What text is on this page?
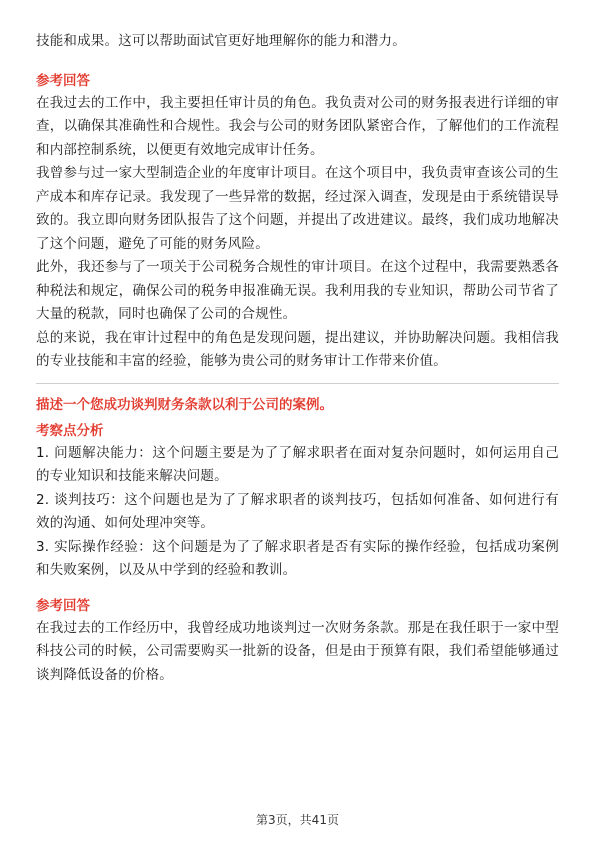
技能和成果。这可以帮助面试官更好地理解你的能力和潜力。

参考回答

在我过去的工作中，我主要担任审计员的角色。我负责对公司的财务报表进行详细的审查，以确保其准确性和合规性。我会与公司的财务团队紧密合作，了解他们的工作流程和内部控制系统，以便更有效地完成审计任务。

我曾参与过一家大型制造企业的年度审计项目。在这个项目中，我负责审查该公司的生产成本和库存记录。我发现了一些异常的数据，经过深入调查，发现是由于系统错误导致的。我立即向财务团队报告了这个问题，并提出了改进建议。最终，我们成功地解决了这个问题，避免了可能的财务风险。

此外，我还参与了一项关于公司税务合规性的审计项目。在这个过程中，我需要熟悉各种税法和规定，确保公司的税务申报准确无误。我利用我的专业知识，帮助公司节省了大量的税款，同时也确保了公司的合规性。

总的来说，我在审计过程中的角色是发现问题，提出建议，并协助解决问题。我相信我的专业技能和丰富的经验，能够为贵公司的财务审计工作带来价值。

描述一个您成功谈判财务条款以利于公司的案例。

考察点分析

1. 问题解决能力：这个问题主要是为了了解求职者在面对复杂问题时，如何运用自己的专业知识和技能来解决问题。

2. 谈判技巧：这个问题也是为了了解求职者的谈判技巧，包括如何准备、如何进行有效的沟通、如何处理冲突等。

3. 实际操作经验：这个问题是为了了解求职者是否有实际的操作经验，包括成功案例和失败案例，以及从中学到的经验和教训。

参考回答

在我过去的工作经历中，我曾经成功地谈判过一次财务条款。那是在我任职于一家中型科技公司的时候，公司需要购买一批新的设备，但是由于预算有限，我们希望能够通过谈判降低设备的价格。

第3页，共41页
